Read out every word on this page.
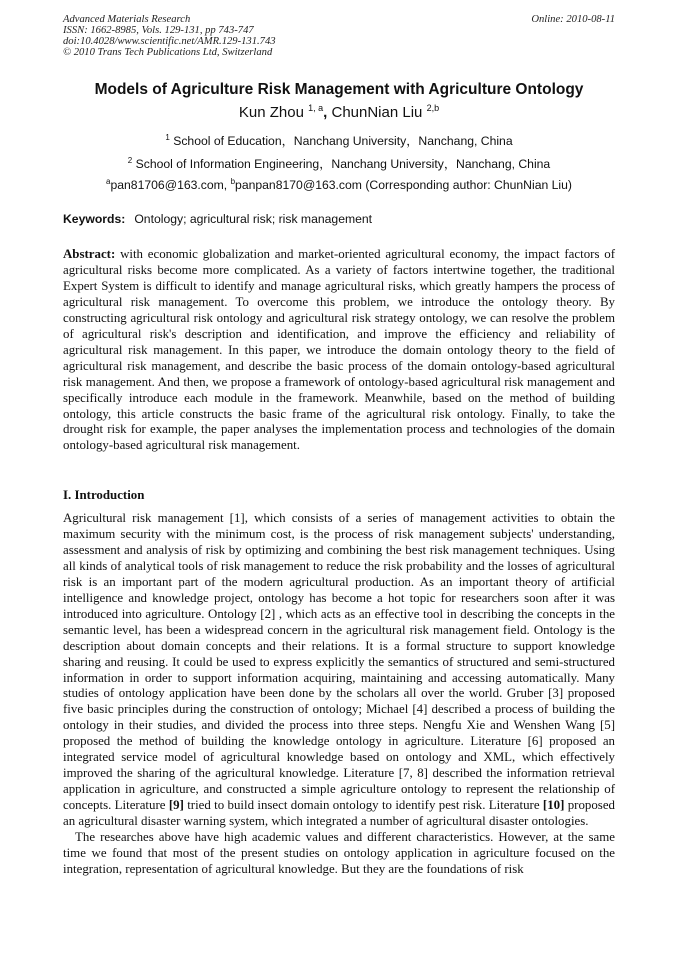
Advanced Materials Research
ISSN: 1662-8985, Vols. 129-131, pp 743-747
doi:10.4028/www.scientific.net/AMR.129-131.743
© 2010 Trans Tech Publications Ltd, Switzerland
Online: 2010-08-11
Models of Agriculture Risk Management with Agriculture Ontology
Kun Zhou $^{1, a}$, ChunNian Liu $^{2,b}$
$^1$ School of Education，Nanchang University，Nanchang, China
$^2$ School of Information Engineering，Nanchang University，Nanchang, China
$^a$pan81706@163.com, $^b$panpan8170@163.com (Corresponding author: ChunNian Liu)
Keywords: Ontology; agricultural risk; risk management

Abstract: with economic globalization and market-oriented agricultural economy, the impact factors of agricultural risks become more complicated. As a variety of factors intertwine together, the traditional Expert System is difficult to identify and manage agricultural risks, which greatly hampers the process of agricultural risk management. To overcome this problem, we introduce the ontology theory. By constructing agricultural risk ontology and agricultural risk strategy ontology, we can resolve the problem of agricultural risk's description and identification, and improve the efficiency and reliability of agricultural risk management. In this paper, we introduce the domain ontology theory to the field of agricultural risk management, and describe the basic process of the domain ontology-based agricultural risk management. And then, we propose a framework of ontology-based agricultural risk management and specifically introduce each module in the framework. Meanwhile, based on the method of building ontology, this article constructs the basic frame of the agricultural risk ontology. Finally, to take the drought risk for example, the paper analyses the implementation process and technologies of the domain ontology-based agricultural risk management.

I. Introduction

Agricultural risk management [1], which consists of a series of management activities to obtain the maximum security with the minimum cost, is the process of risk management subjects' understanding, assessment and analysis of risk by optimizing and combining the best risk management techniques. Using all kinds of analytical tools of risk management to reduce the risk probability and the losses of agricultural risk is an important part of the modern agricultural production. As an important theory of artificial intelligence and knowledge project, ontology has become a hot topic for researchers soon after it was introduced into agriculture. Ontology [2] , which acts as an effective tool in describing the concepts in the semantic level, has been a widespread concern in the agricultural risk management field. Ontology is the description about domain concepts and their relations. It is a formal structure to support knowledge sharing and reusing. It could be used to express explicitly the semantics of structured and semi-structured information in order to support information acquiring, maintaining and accessing automatically. Many studies of ontology application have been done by the scholars all over the world. Gruber [3] proposed five basic principles during the construction of ontology; Michael [4] described a process of building the ontology in their studies, and divided the process into three steps. Nengfu Xie and Wenshen Wang [5] proposed the method of building the knowledge ontology in agriculture. Literature [6] proposed an integrated service model of agricultural knowledge based on ontology and XML, which effectively improved the sharing of the agricultural knowledge. Literature [7, 8] described the information retrieval application in agriculture, and constructed a simple agriculture ontology to represent the relationship of concepts. Literature [9] tried to build insect domain ontology to identify pest risk. Literature [10] proposed an agricultural disaster warning system, which integrated a number of agricultural disaster ontologies.

The researches above have high academic values and different characteristics. However, at the same time we found that most of the present studies on ontology application in agriculture focused on the integration, representation of agricultural knowledge. But they are the foundations of risk
